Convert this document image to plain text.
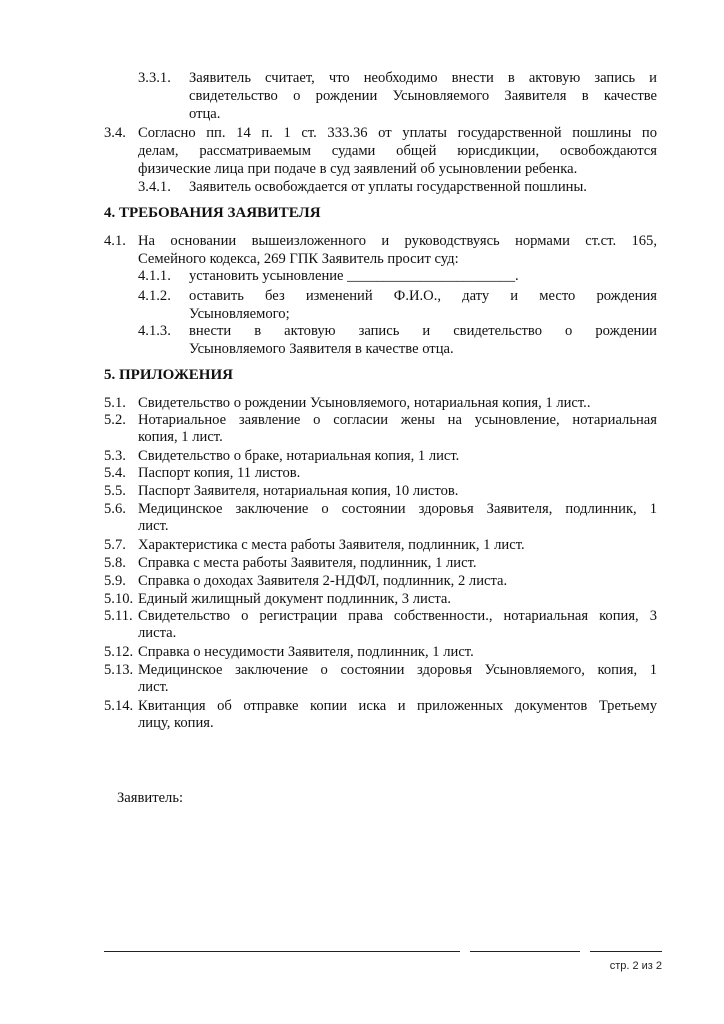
3.3.1. Заявитель считает, что необходимо внести в актовую запись и
свидетельство о рождении Усыновляемого Заявителя в качестве
отца.
3.4. Согласно пп. 14 п. 1 ст. 333.36 от уплаты государственной пошлины по
делам, рассматриваемым судами общей юрисдикции, освобождаются
физические лица при подаче в суд заявлений об усыновлении ребенка.
3.4.1. Заявитель освобождается от уплаты государственной пошлины.
4. ТРЕБОВАНИЯ ЗАЯВИТЕЛЯ
4.1. На основании вышеизложенного и руководствуясь нормами ст.ст. 165,
Семейного кодекса, 269 ГПК Заявитель просит суд:
4.1.1. установить усыновление _______________________.
4.1.2. оставить без изменений Ф.И.О., дату и место рождения
Усыновляемого;
4.1.3. внести в актовую запись и свидетельство о рождении
Усыновляемого Заявителя в качестве отца.
5. ПРИЛОЖЕНИЯ
5.1. Свидетельство о рождении Усыновляемого, нотариальная копия, 1 лист..
5.2. Нотариальное заявление о согласии жены на усыновление, нотариальная
копия, 1 лист.
5.3. Свидетельство о браке, нотариальная копия, 1 лист.
5.4. Паспорт копия, 11 листов.
5.5. Паспорт Заявителя, нотариальная копия, 10 листов.
5.6. Медицинское заключение о состоянии здоровья Заявителя, подлинник, 1
лист.
5.7. Характеристика с места работы Заявителя, подлинник, 1 лист.
5.8. Справка с места работы Заявителя, подлинник, 1 лист.
5.9. Справка о доходах Заявителя 2-НДФЛ, подлинник, 2 листа.
5.10. Единый жилищный документ подлинник, 3 листа.
5.11. Свидетельство о регистрации права собственности., нотариальная копия, 3
листа.
5.12. Справка о несудимости Заявителя, подлинник, 1 лист.
5.13. Медицинское заключение о состоянии здоровья Усыновляемого, копия, 1
лист.
5.14. Квитанция об отправке копии иска и приложенных документов Третьему
лицу, копия.
Заявитель:
стр. 2 из 2
